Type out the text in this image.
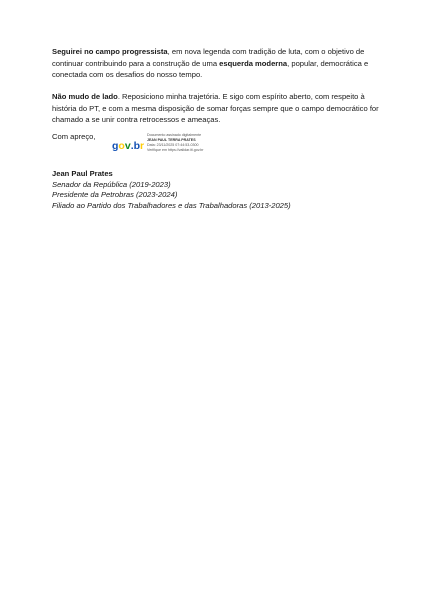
Seguirei no campo progressista, em nova legenda com tradição de luta, com o objetivo de continuar contribuindo para a construção de uma esquerda moderna, popular, democrática e conectada com os desafios do nosso tempo.

Não mudo de lado. Reposiciono minha trajetória. E sigo com espírito aberto, com respeito à história do PT, e com a mesma disposição de somar forças sempre que o campo democrático for chamado a se unir contra retrocessos e ameaças.

Com apreço,
gov.br
Documento assinado digitalmente
JEAN PAUL TERRA PRATES
Data: 23/11/2025 07:44:53-0300
Verifique em https://validar.iti.gov.br
Jean Paul Prates
Senador da República (2019-2023)
Presidente da Petrobras (2023-2024)
Filiado ao Partido dos Trabalhadores e das Trabalhadoras (2013-2025)
